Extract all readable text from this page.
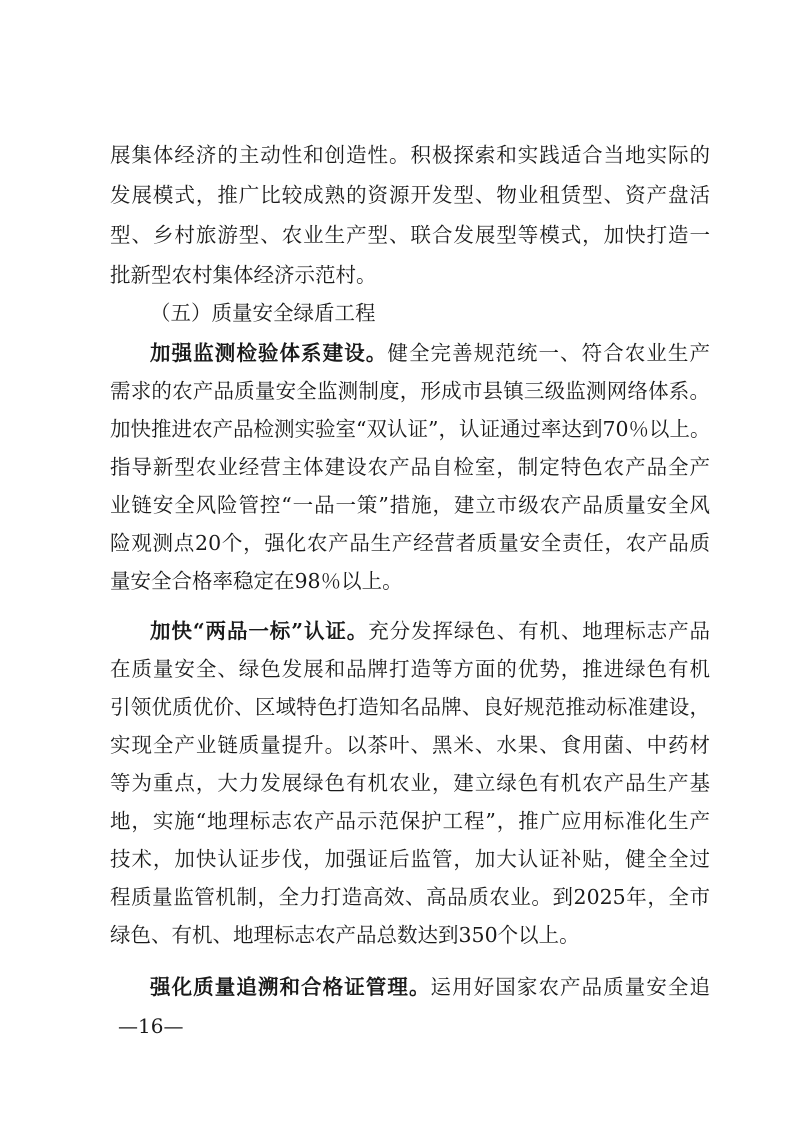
展集体经济的主动性和创造性。积极探索和实践适合当地实际的
发展模式，推广比较成熟的资源开发型、物业租赁型、资产盘活
型、乡村旅游型、农业生产型、联合发展型等模式，加快打造一
批新型农村集体经济示范村。
（五）质量安全绿盾工程
加强监测检验体系建设。健全完善规范统一、符合农业生产
需求的农产品质量安全监测制度，形成市县镇三级监测网络体系。
加快推进农产品检测实验室“双认证”，认证通过率达到70％以上。
指导新型农业经营主体建设农产品自检室，制定特色农产品全产
业链安全风险管控“一品一策”措施，建立市级农产品质量安全风
险观测点20个，强化农产品生产经营者质量安全责任，农产品质
量安全合格率稳定在98％以上。
加快“两品一标”认证。充分发挥绿色、有机、地理标志产品
在质量安全、绿色发展和品牌打造等方面的优势，推进绿色有机
引领优质优价、区域特色打造知名品牌、良好规范推动标准建设，
实现全产业链质量提升。以茶叶、黑米、水果、食用菌、中药材
等为重点，大力发展绿色有机农业，建立绿色有机农产品生产基
地，实施“地理标志农产品示范保护工程”，推广应用标准化生产
技术，加快认证步伐，加强证后监管，加大认证补贴，健全全过
程质量监管机制，全力打造高效、高品质农业。到2025年，全市
绿色、有机、地理标志农产品总数达到350个以上。
强化质量追溯和合格证管理。运用好国家农产品质量安全追
—16—
